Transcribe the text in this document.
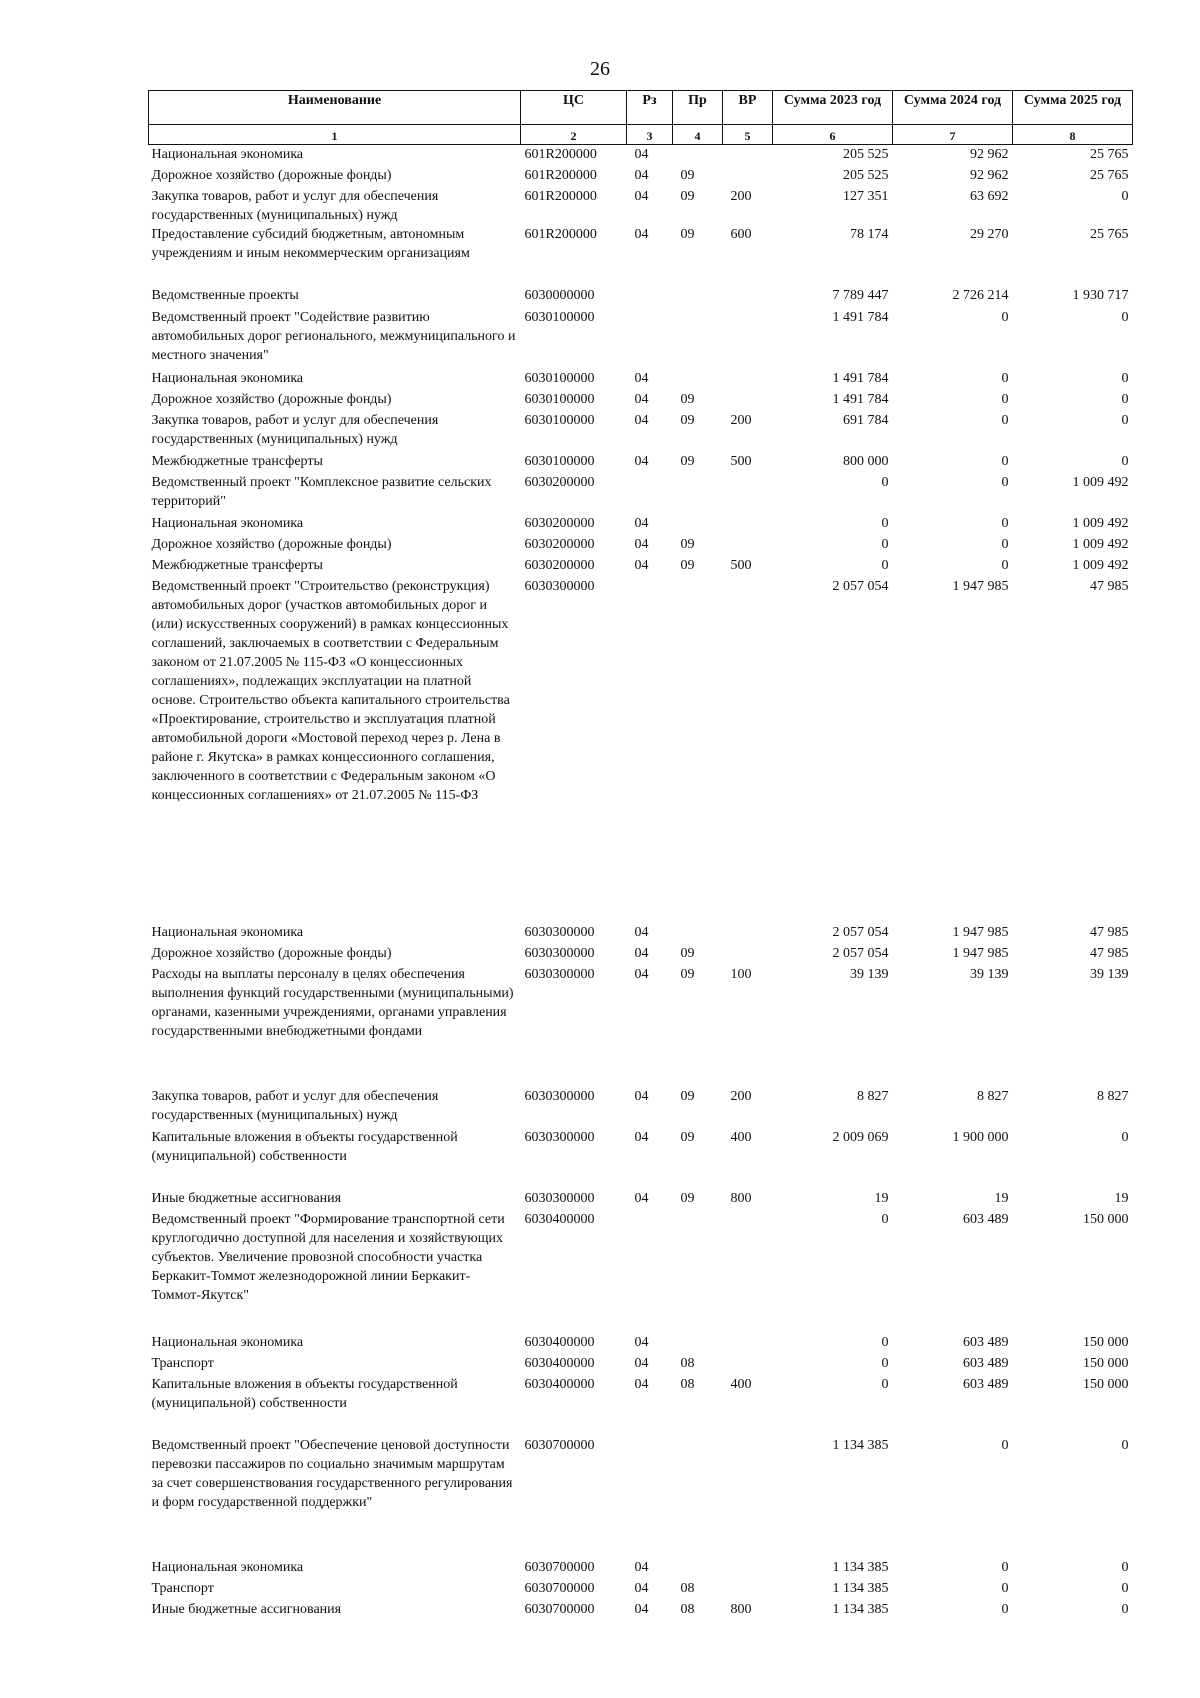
26
Наименование	ЦС	Рз	Пр	ВР	Сумма 2023 год	Сумма 2024 год	Сумма 2025 год
1	2	3	4	5	6	7	8
Национальная экономика	601R200000	04			205 525	92 962	25 765
Дорожное хозяйство (дорожные фонды)	601R200000	04	09		205 525	92 962	25 765
Закупка товаров, работ и услуг для обеспечения государственных (муниципальных) нужд	601R200000	04	09	200	127 351	63 692	0
Предоставление субсидий бюджетным, автономным учреждениям и иным некоммерческим организациям	601R200000	04	09	600	78 174	29 270	25 765
Ведомственные проекты	6030000000				7 789 447	2 726 214	1 930 717
Ведомственный проект "Содействие развитию автомобильных дорог регионального, межмуниципального и местного значения"	6030100000				1 491 784	0	0
Национальная экономика	6030100000	04			1 491 784	0	0
Дорожное хозяйство (дорожные фонды)	6030100000	04	09		1 491 784	0	0
Закупка товаров, работ и услуг для обеспечения государственных (муниципальных) нужд	6030100000	04	09	200	691 784	0	0
Межбюджетные трансферты	6030100000	04	09	500	800 000	0	0
Ведомственный проект "Комплексное развитие сельских территорий"	6030200000				0	0	1 009 492
Национальная экономика	6030200000	04			0	0	1 009 492
Дорожное хозяйство (дорожные фонды)	6030200000	04	09		0	0	1 009 492
Межбюджетные трансферты	6030200000	04	09	500	0	0	1 009 492
Ведомственный проект "Строительство (реконструкция) автомобильных дорог (участков автомобильных дорог и (или) искусственных сооружений) в рамках концессионных соглашений, заключаемых в соответствии с Федеральным законом от 21.07.2005 № 115-ФЗ «О концессионных соглашениях», подлежащих эксплуатации на платной основе. Строительство объекта капитального строительства «Проектирование, строительство и эксплуатация платной автомобильной дороги «Мостовой переход через р. Лена в районе г. Якутска» в рамках концессионного соглашения, заключенного в соответствии с Федеральным законом «О концессионных соглашениях» от 21.07.2005 № 115-ФЗ	6030300000				2 057 054	1 947 985	47 985
Национальная экономика	6030300000	04			2 057 054	1 947 985	47 985
Дорожное хозяйство (дорожные фонды)	6030300000	04	09		2 057 054	1 947 985	47 985
Расходы на выплаты персоналу в целях обеспечения выполнения функций государственными (муниципальными) органами, казенными учреждениями, органами управления государственными внебюджетными фондами	6030300000	04	09	100	39 139	39 139	39 139
Закупка товаров, работ и услуг для обеспечения государственных (муниципальных) нужд	6030300000	04	09	200	8 827	8 827	8 827
Капитальные вложения в объекты государственной (муниципальной) собственности	6030300000	04	09	400	2 009 069	1 900 000	0
Иные бюджетные ассигнования	6030300000	04	09	800	19	19	19
Ведомственный проект "Формирование транспортной сети круглогодично доступной для населения и хозяйствующих субъектов. Увеличение провозной способности участка Беркакит-Томмот железнодорожной линии Беркакит-Томмот-Якутск"	6030400000				0	603 489	150 000
Национальная экономика	6030400000	04			0	603 489	150 000
Транспорт	6030400000	04	08		0	603 489	150 000
Капитальные вложения в объекты государственной (муниципальной) собственности	6030400000	04	08	400	0	603 489	150 000
Ведомственный проект "Обеспечение ценовой доступности перевозки пассажиров по социально значимым маршрутам за счет совершенствования государственного регулирования и форм государственной поддержки"	6030700000				1 134 385	0	0
Национальная экономика	6030700000	04			1 134 385	0	0
Транспорт	6030700000	04	08		1 134 385	0	0
Иные бюджетные ассигнования	6030700000	04	08	800	1 134 385	0	0
